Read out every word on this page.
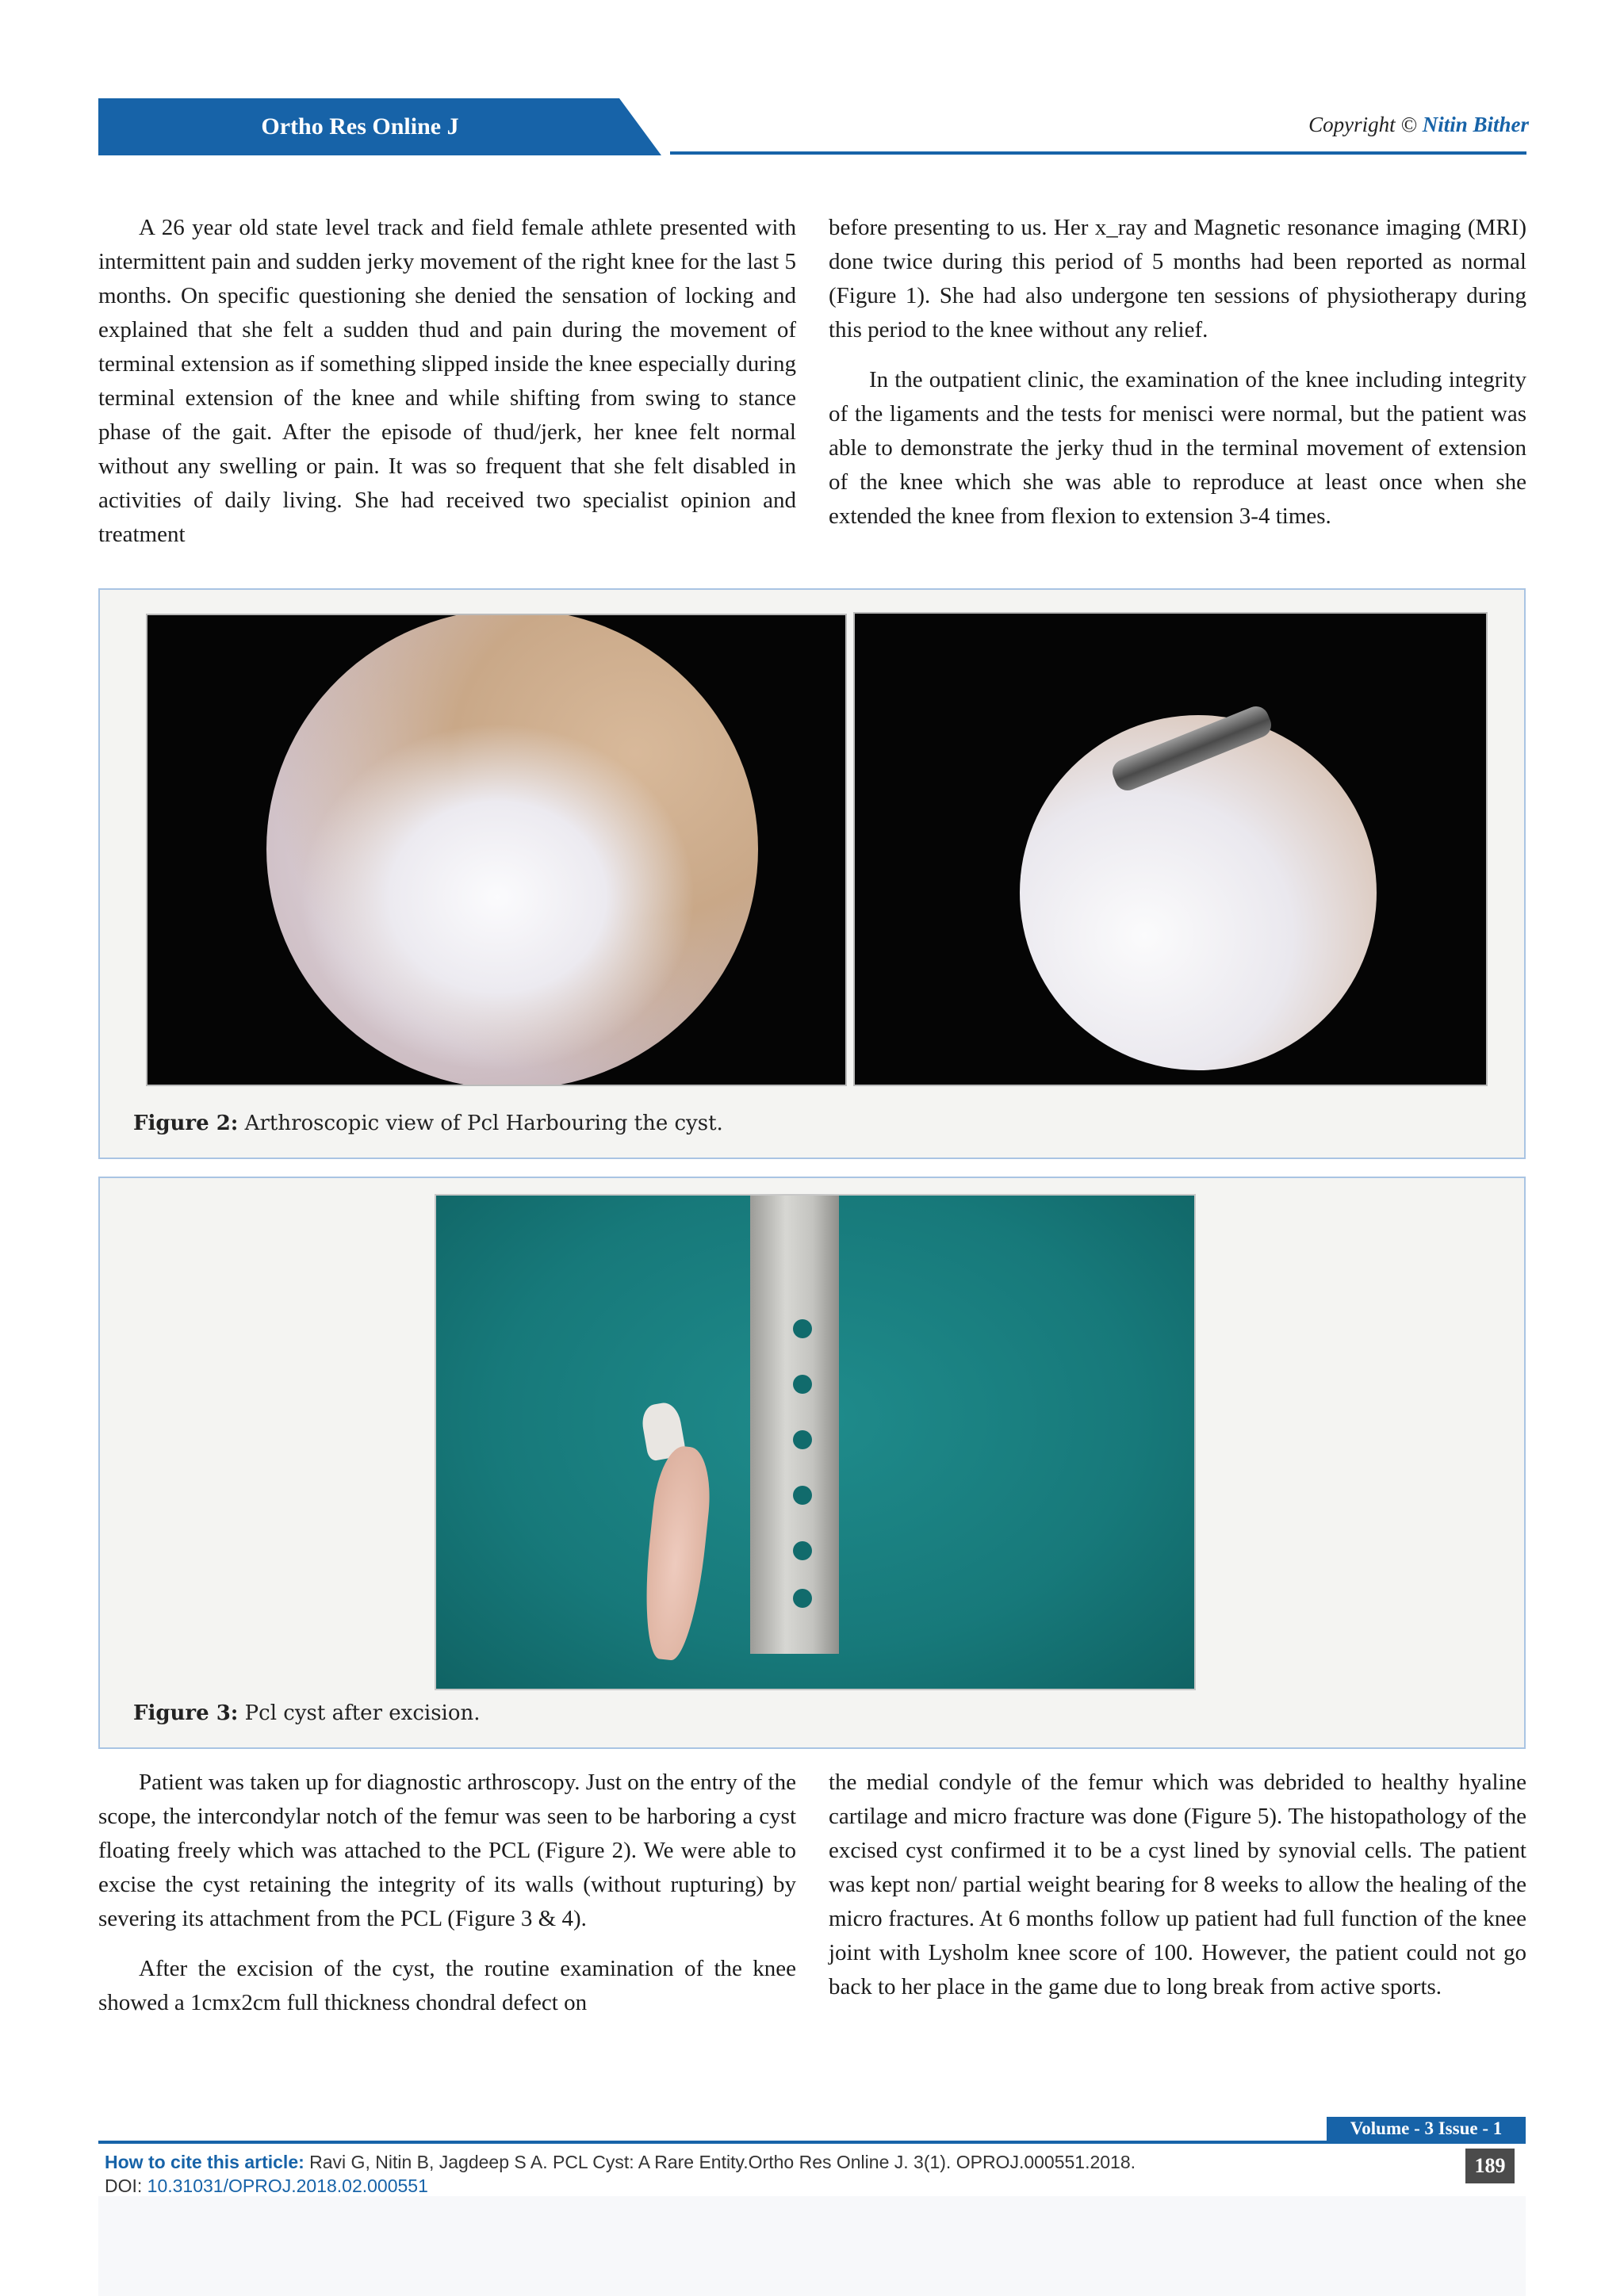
Ortho Res Online J	Copyright © Nitin Bither

A 26 year old state level track and field female athlete presented with intermittent pain and sudden jerky movement of the right knee for the last 5 months. On specific questioning she denied the sensation of locking and explained that she felt a sudden thud and pain during the movement of terminal extension as if something slipped inside the knee especially during terminal extension of the knee and while shifting from swing to stance phase of the gait. After the episode of thud/jerk, her knee felt normal without any swelling or pain. It was so frequent that she felt disabled in activities of daily living. She had received two specialist opinion and treatment

before presenting to us. Her x_ray and Magnetic resonance imaging (MRI) done twice during this period of 5 months had been reported as normal (Figure 1). She had also undergone ten sessions of physiotherapy during this period to the knee without any relief.

In the outpatient clinic, the examination of the knee including integrity of the ligaments and the tests for menisci were normal, but the patient was able to demonstrate the jerky thud in the terminal movement of extension of the knee which she was able to reproduce at least once when she extended the knee from flexion to extension 3-4 times.

Figure 2: Arthroscopic view of Pcl Harbouring the cyst.
Figure 3: Pcl cyst after excision.

Patient was taken up for diagnostic arthroscopy. Just on the entry of the scope, the intercondylar notch of the femur was seen to be harboring a cyst floating freely which was attached to the PCL (Figure 2). We were able to excise the cyst retaining the integrity of its walls (without rupturing) by severing its attachment from the PCL (Figure 3 & 4).

After the excision of the cyst, the routine examination of the knee showed a 1cmx2cm full thickness chondral defect on

the medial condyle of the femur which was debrided to healthy hyaline cartilage and micro fracture was done (Figure 5). The histopathology of the excised cyst confirmed it to be a cyst lined by synovial cells. The patient was kept non/ partial weight bearing for 8 weeks to allow the healing of the micro fractures. At 6 months follow up patient had full function of the knee joint with Lysholm knee score of 100. However, the patient could not go back to her place in the game due to long break from active sports.

Volume - 3 Issue - 1
How to cite this article: Ravi G, Nitin B, Jagdeep S A. PCL Cyst: A Rare Entity.Ortho Res Online J. 3(1). OPROJ.000551.2018.
DOI: 10.31031/OPROJ.2018.02.000551
189
